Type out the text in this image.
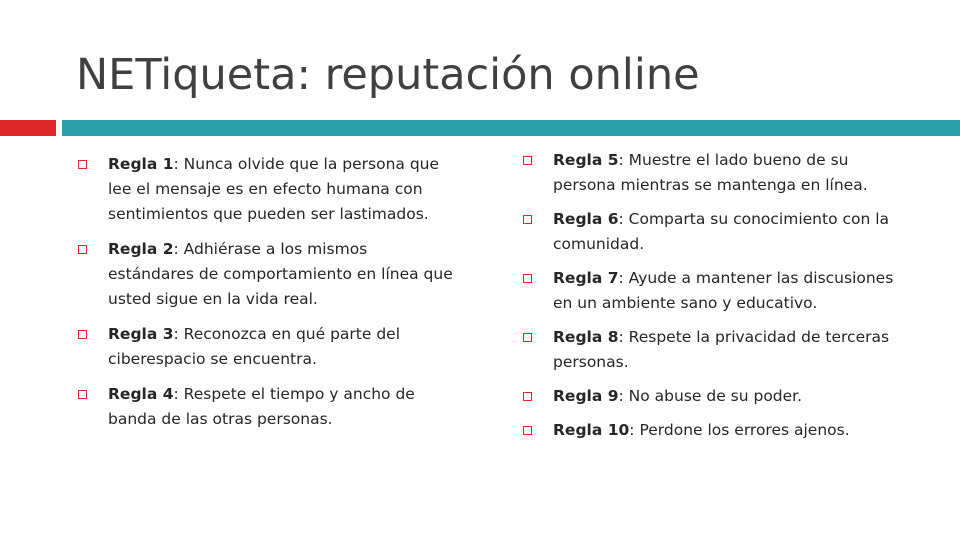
NETiqueta: reputación online
Regla 1: Nunca olvide que la persona que lee el mensaje es en efecto humana con sentimientos que pueden ser lastimados.
Regla 2: Adhiérase a los mismos estándares de comportamiento en línea que usted sigue en la vida real.
Regla 3: Reconozca en qué parte del ciberespacio se encuentra.
Regla 4: Respete el tiempo y ancho de banda de las otras personas.
Regla 5: Muestre el lado bueno de su persona mientras se mantenga en línea.
Regla 6: Comparta su conocimiento con la comunidad.
Regla 7: Ayude a mantener las discusiones en un ambiente sano y educativo.
Regla 8: Respete la privacidad de terceras personas.
Regla 9: No abuse de su poder.
Regla 10: Perdone los errores ajenos.
